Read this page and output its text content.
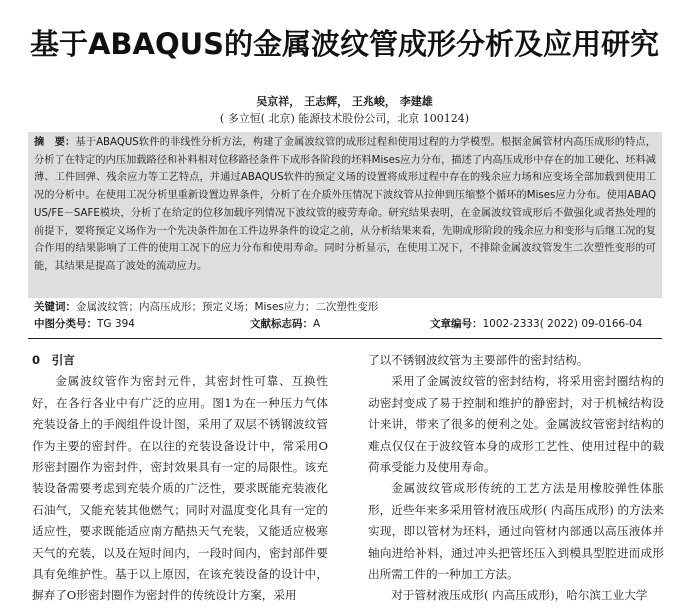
基于ABAQUS的金属波纹管成形分析及应用研究
吴京祥， 王志辉， 王兆峻， 李建雄
( 多立恒( 北京) 能源技术股份公司，北京 100124)
摘　要：基于ABAQUS软件的非线性分析方法，构建了金属波纹管的成形过程和使用过程的力学模型。根据金属管材内高压成形的特点，分析了在特定的内压加载路径和补料相对位移路径条件下成形各阶段的坯料Mises应力分布，描述了内高压成形中存在的加工硬化、坯料减薄、工件回弹、残余应力等工艺特点，并通过ABAQUS软件的预定义场的设置将成形过程中存在的残余应力场和应变场全部加载到使用工况的分析中。在使用工况分析里重新设置边界条件，分析了在介质外压情况下波纹管从拉伸到压缩整个循环的Mises应力分布。使用ABAQUS/FE－SAFE模块，分析了在给定的位移加载序列情况下波纹管的疲劳寿命。研究结果表明，在金属波纹管成形后不做强化或者热处理的前提下，要将预定义场作为一个先决条件加在工件边界条件的设定之前，从分析结果来看，先期成形阶段的残余应力和变形与后继工况的复合作用的结果影响了工件的使用工况下的应力分布和使用寿命。同时分析显示，在使用工况下，不排除金属波纹管发生二次塑性变形的可能，其结果是提高了波处的流动应力。
关键词：金属波纹管；内高压成形；预定义场；Mises应力；二次塑性变形
中图分类号：TG 394	文献标志码：A	文章编号：1002-2333( 2022) 09-0166-04
0　引言

金属波纹管作为密封元件，其密封性可靠、互换性好，在各行各业中有广泛的应用。图1为在一种压力气体充装设备上的手阀组件设计图，采用了双层不锈钢波纹管作为主要的密封件。在以往的充装设备设计中，常采用O形密封圈作为密封件，密封效果具有一定的局限性。该充装设备需要考虑到充装介质的广泛性，要求既能充装液化石油气，又能充装其他燃气；同时对温度变化具有一定的适应性，要求既能适应南方酷热天气充装，又能适应极寒天气的充装，以及在短时间内，一段时间内，密封部件要具有免维护性。基于以上原因，在该充装设备的设计中，摒弃了O形密封圈作为密封件的传统设计方案，采用

了以不锈钢波纹管为主要部件的密封结构。

采用了金属波纹管的密封结构，将采用密封圈结构的动密封变成了易于控制和维护的静密封，对于机械结构设计来讲，带来了很多的便利之处。金属波纹管密封结构的难点仅仅在于波纹管本身的成形工艺性、使用过程中的载荷承受能力及使用寿命。

金属波纹管成形传统的工艺方法是用橡胶弹性体胀形，近些年来多采用管材液压成形( 内高压成形) 的方法来实现，即以管材为坯料，通过向管材内部通以高压液体并轴向进给补料，通过冲头把管坯压入到模具型腔进而成形出所需工件的一种加工方法。

对于管材液压成形( 内高压成形)，哈尔滨工业大学
